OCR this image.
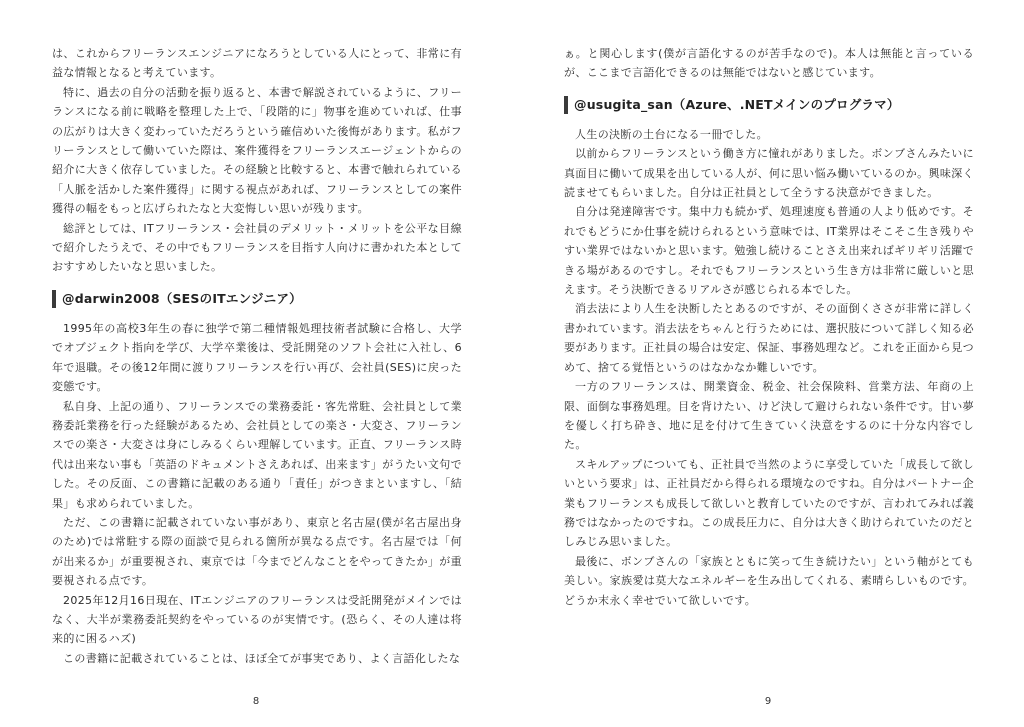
は、これからフリーランスエンジニアになろうとしている人にとって、非常に有益な情報となると考えています。

特に、過去の自分の活動を振り返ると、本書で解説されているように、フリーランスになる前に戦略を整理した上で、「段階的に」物事を進めていれば、仕事の広がりは大きく変わっていただろうという確信めいた後悔があります。私がフリーランスとして働いていた際は、案件獲得をフリーランスエージェントからの紹介に大きく依存していました。その経験と比較すると、本書で触れられている「人脈を活かした案件獲得」に関する視点があれば、フリーランスとしての案件獲得の幅をもっと広げられたなと大変悔しい思いが残ります。

総評としては、ITフリーランス・会社員のデメリット・メリットを公平な目線で紹介したうえで、その中でもフリーランスを目指す人向けに書かれた本としておすすめしたいなと思いました。

@darwin2008（SESのITエンジニア）

1995年の高校3年生の春に独学で第二種情報処理技術者試験に合格し、大学でオブジェクト指向を学び、大学卒業後は、受託開発のソフト会社に入社し、6年で退職。その後12年間に渡りフリーランスを行い再び、会社員(SES)に戻った変態です。

私自身、上記の通り、フリーランスでの業務委託・客先常駐、会社員として業務委託業務を行った経験があるため、会社員としての楽さ・大変さ、フリーランスでの楽さ・大変さは身にしみるくらい理解しています。正直、フリーランス時代は出来ない事も「英語のドキュメントさえあれば、出来ます」がうたい文句でした。その反面、この書籍に記載のある通り「責任」がつきまといますし、「結果」も求められていました。

ただ、この書籍に記載されていない事があり、東京と名古屋(僕が名古屋出身のため)では常駐する際の面談で見られる箇所が異なる点です。名古屋では「何が出来るか」が重要視され、東京では「今までどんなことをやってきたか」が重要視される点です。

2025年12月16日現在、ITエンジニアのフリーランスは受託開発がメインではなく、大半が業務委託契約をやっているのが実情です。(恐らく、その人達は将来的に困るハズ)

この書籍に記載されていることは、ほぼ全てが事実であり、よく言語化したな

8

ぁ。と関心します(僕が言語化するのが苦手なので)。本人は無能と言っているが、ここまで言語化できるのは無能ではないと感じています。

@usugita_san（Azure、.NETメインのプログラマ）

人生の決断の土台になる一冊でした。

以前からフリーランスという働き方に憧れがありました。ボンブさんみたいに真面目に働いて成果を出している人が、何に思い悩み働いているのか。興味深く読ませてもらいました。自分は正社員として全うする決意ができました。

自分は発達障害です。集中力も続かず、処理速度も普通の人より低めです。それでもどうにか仕事を続けられるという意味では、IT業界はそこそこ生き残りやすい業界ではないかと思います。勉強し続けることさえ出来ればギリギリ活躍できる場があるのですし。それでもフリーランスという生き方は非常に厳しいと思えます。そう決断できるリアルさが感じられる本でした。

消去法により人生を決断したとあるのですが、その面倒くささが非常に詳しく書かれています。消去法をちゃんと行うためには、選択肢について詳しく知る必要があります。正社員の場合は安定、保証、事務処理など。これを正面から見つめて、捨てる覚悟というのはなかなか難しいです。

一方のフリーランスは、開業資金、税金、社会保険料、営業方法、年商の上限、面倒な事務処理。目を背けたい、けど決して避けられない条件です。甘い夢を優しく打ち砕き、地に足を付けて生きていく決意をするのに十分な内容でした。

スキルアップについても、正社員で当然のように享受していた「成長して欲しいという要求」は、正社員だから得られる環境なのですね。自分はパートナー企業もフリーランスも成長して欲しいと教育していたのですが、言われてみれば義務ではなかったのですね。この成長圧力に、自分は大きく助けられていたのだとしみじみ思いました。

最後に、ボンブさんの「家族とともに笑って生き続けたい」という軸がとても美しい。家族愛は莫大なエネルギーを生み出してくれる、素晴らしいものです。どうか末永く幸せでいて欲しいです。

9
